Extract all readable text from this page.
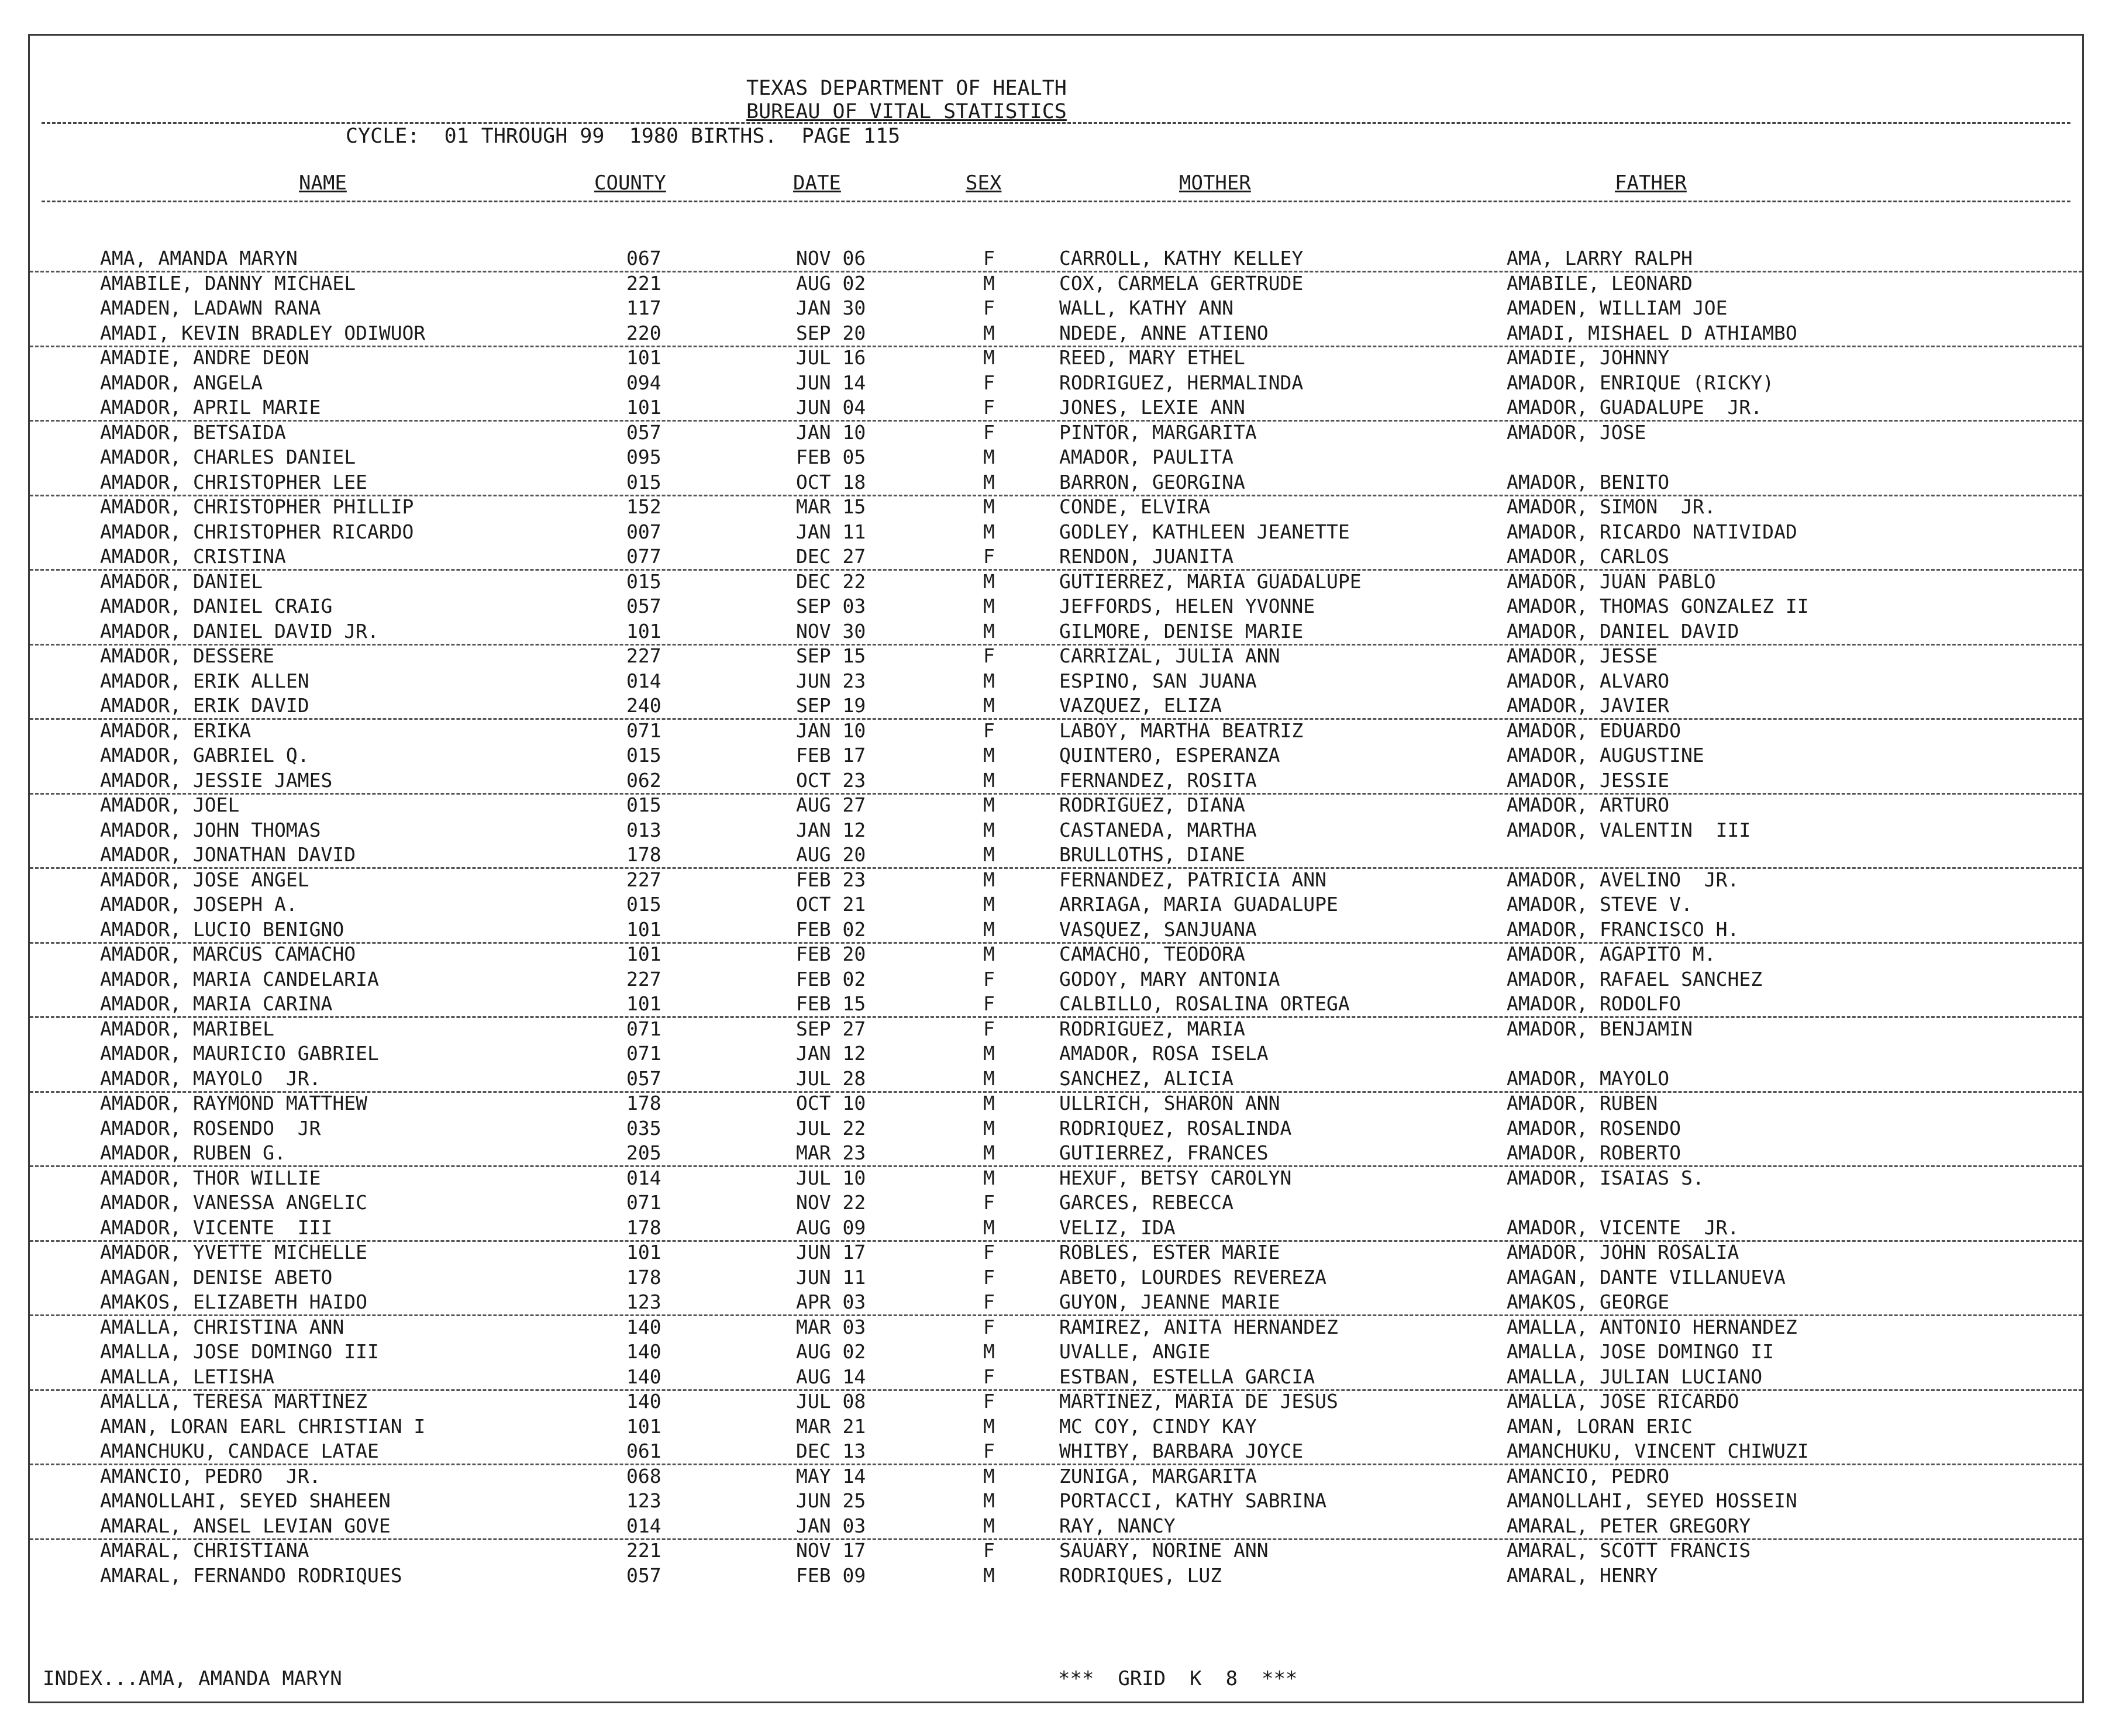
TEXAS DEPARTMENT OF HEALTH
BUREAU OF VITAL STATISTICS
CYCLE:  01 THROUGH 99  1980 BIRTHS.  PAGE 115
NAME	COUNTY	DATE	SEX	MOTHER	FATHER
AMA, AMANDA MARYN	067	NOV 06	F	CARROLL, KATHY KELLEY	AMA, LARRY RALPH
AMABILE, DANNY MICHAEL	221	AUG 02	M	COX, CARMELA GERTRUDE	AMABILE, LEONARD
AMADEN, LADAWN RANA	117	JAN 30	F	WALL, KATHY ANN	AMADEN, WILLIAM JOE
AMADI, KEVIN BRADLEY ODIWUOR	220	SEP 20	M	NDEDE, ANNE ATIENO	AMADI, MISHAEL D ATHIAMBO
AMADIE, ANDRE DEON	101	JUL 16	M	REED, MARY ETHEL	AMADIE, JOHNNY
AMADOR, ANGELA	094	JUN 14	F	RODRIGUEZ, HERMALINDA	AMADOR, ENRIQUE (RICKY)
AMADOR, APRIL MARIE	101	JUN 04	F	JONES, LEXIE ANN	AMADOR, GUADALUPE  JR.
AMADOR, BETSAIDA	057	JAN 10	F	PINTOR, MARGARITA	AMADOR, JOSE
AMADOR, CHARLES DANIEL	095	FEB 05	M	AMADOR, PAULITA
AMADOR, CHRISTOPHER LEE	015	OCT 18	M	BARRON, GEORGINA	AMADOR, BENITO
AMADOR, CHRISTOPHER PHILLIP	152	MAR 15	M	CONDE, ELVIRA	AMADOR, SIMON  JR.
AMADOR, CHRISTOPHER RICARDO	007	JAN 11	M	GODLEY, KATHLEEN JEANETTE	AMADOR, RICARDO NATIVIDAD
AMADOR, CRISTINA	077	DEC 27	F	RENDON, JUANITA	AMADOR, CARLOS
AMADOR, DANIEL	015	DEC 22	M	GUTIERREZ, MARIA GUADALUPE	AMADOR, JUAN PABLO
AMADOR, DANIEL CRAIG	057	SEP 03	M	JEFFORDS, HELEN YVONNE	AMADOR, THOMAS GONZALEZ II
AMADOR, DANIEL DAVID JR.	101	NOV 30	M	GILMORE, DENISE MARIE	AMADOR, DANIEL DAVID
AMADOR, DESSERE	227	SEP 15	F	CARRIZAL, JULIA ANN	AMADOR, JESSE
AMADOR, ERIK ALLEN	014	JUN 23	M	ESPINO, SAN JUANA	AMADOR, ALVARO
AMADOR, ERIK DAVID	240	SEP 19	M	VAZQUEZ, ELIZA	AMADOR, JAVIER
AMADOR, ERIKA	071	JAN 10	F	LABOY, MARTHA BEATRIZ	AMADOR, EDUARDO
AMADOR, GABRIEL Q.	015	FEB 17	M	QUINTERO, ESPERANZA	AMADOR, AUGUSTINE
AMADOR, JESSIE JAMES	062	OCT 23	M	FERNANDEZ, ROSITA	AMADOR, JESSIE
AMADOR, JOEL	015	AUG 27	M	RODRIGUEZ, DIANA	AMADOR, ARTURO
AMADOR, JOHN THOMAS	013	JAN 12	M	CASTANEDA, MARTHA	AMADOR, VALENTIN  III
AMADOR, JONATHAN DAVID	178	AUG 20	M	BRULLOTHS, DIANE
AMADOR, JOSE ANGEL	227	FEB 23	M	FERNANDEZ, PATRICIA ANN	AMADOR, AVELINO  JR.
AMADOR, JOSEPH A.	015	OCT 21	M	ARRIAGA, MARIA GUADALUPE	AMADOR, STEVE V.
AMADOR, LUCIO BENIGNO	101	FEB 02	M	VASQUEZ, SANJUANA	AMADOR, FRANCISCO H.
AMADOR, MARCUS CAMACHO	101	FEB 20	M	CAMACHO, TEODORA	AMADOR, AGAPITO M.
AMADOR, MARIA CANDELARIA	227	FEB 02	F	GODOY, MARY ANTONIA	AMADOR, RAFAEL SANCHEZ
AMADOR, MARIA CARINA	101	FEB 15	F	CALBILLO, ROSALINA ORTEGA	AMADOR, RODOLFO
AMADOR, MARIBEL	071	SEP 27	F	RODRIGUEZ, MARIA	AMADOR, BENJAMIN
AMADOR, MAURICIO GABRIEL	071	JAN 12	M	AMADOR, ROSA ISELA
AMADOR, MAYOLO  JR.	057	JUL 28	M	SANCHEZ, ALICIA	AMADOR, MAYOLO
AMADOR, RAYMOND MATTHEW	178	OCT 10	M	ULLRICH, SHARON ANN	AMADOR, RUBEN
AMADOR, ROSENDO  JR	035	JUL 22	M	RODRIQUEZ, ROSALINDA	AMADOR, ROSENDO
AMADOR, RUBEN G.	205	MAR 23	M	GUTIERREZ, FRANCES	AMADOR, ROBERTO
AMADOR, THOR WILLIE	014	JUL 10	M	HEXUF, BETSY CAROLYN	AMADOR, ISAIAS S.
AMADOR, VANESSA ANGELIC	071	NOV 22	F	GARCES, REBECCA
AMADOR, VICENTE  III	178	AUG 09	M	VELIZ, IDA	AMADOR, VICENTE  JR.
AMADOR, YVETTE MICHELLE	101	JUN 17	F	ROBLES, ESTER MARIE	AMADOR, JOHN ROSALIA
AMAGAN, DENISE ABETO	178	JUN 11	F	ABETO, LOURDES REVEREZA	AMAGAN, DANTE VILLANUEVA
AMAKOS, ELIZABETH HAIDO	123	APR 03	F	GUYON, JEANNE MARIE	AMAKOS, GEORGE
AMALLA, CHRISTINA ANN	140	MAR 03	F	RAMIREZ, ANITA HERNANDEZ	AMALLA, ANTONIO HERNANDEZ
AMALLA, JOSE DOMINGO III	140	AUG 02	M	UVALLE, ANGIE	AMALLA, JOSE DOMINGO II
AMALLA, LETISHA	140	AUG 14	F	ESTBAN, ESTELLA GARCIA	AMALLA, JULIAN LUCIANO
AMALLA, TERESA MARTINEZ	140	JUL 08	F	MARTINEZ, MARIA DE JESUS	AMALLA, JOSE RICARDO
AMAN, LORAN EARL CHRISTIAN I	101	MAR 21	M	MC COY, CINDY KAY	AMAN, LORAN ERIC
AMANCHUKU, CANDACE LATAE	061	DEC 13	F	WHITBY, BARBARA JOYCE	AMANCHUKU, VINCENT CHIWUZI
AMANCIO, PEDRO  JR.	068	MAY 14	M	ZUNIGA, MARGARITA	AMANCIO, PEDRO
AMANOLLAHI, SEYED SHAHEEN	123	JUN 25	M	PORTACCI, KATHY SABRINA	AMANOLLAHI, SEYED HOSSEIN
AMARAL, ANSEL LEVIAN GOVE	014	JAN 03	M	RAY, NANCY	AMARAL, PETER GREGORY
AMARAL, CHRISTIANA	221	NOV 17	F	SAUARY, NORINE ANN	AMARAL, SCOTT FRANCIS
AMARAL, FERNANDO RODRIQUES	057	FEB 09	M	RODRIQUES, LUZ	AMARAL, HENRY
INDEX...AMA, AMANDA MARYN	***  GRID  K  8  ***
